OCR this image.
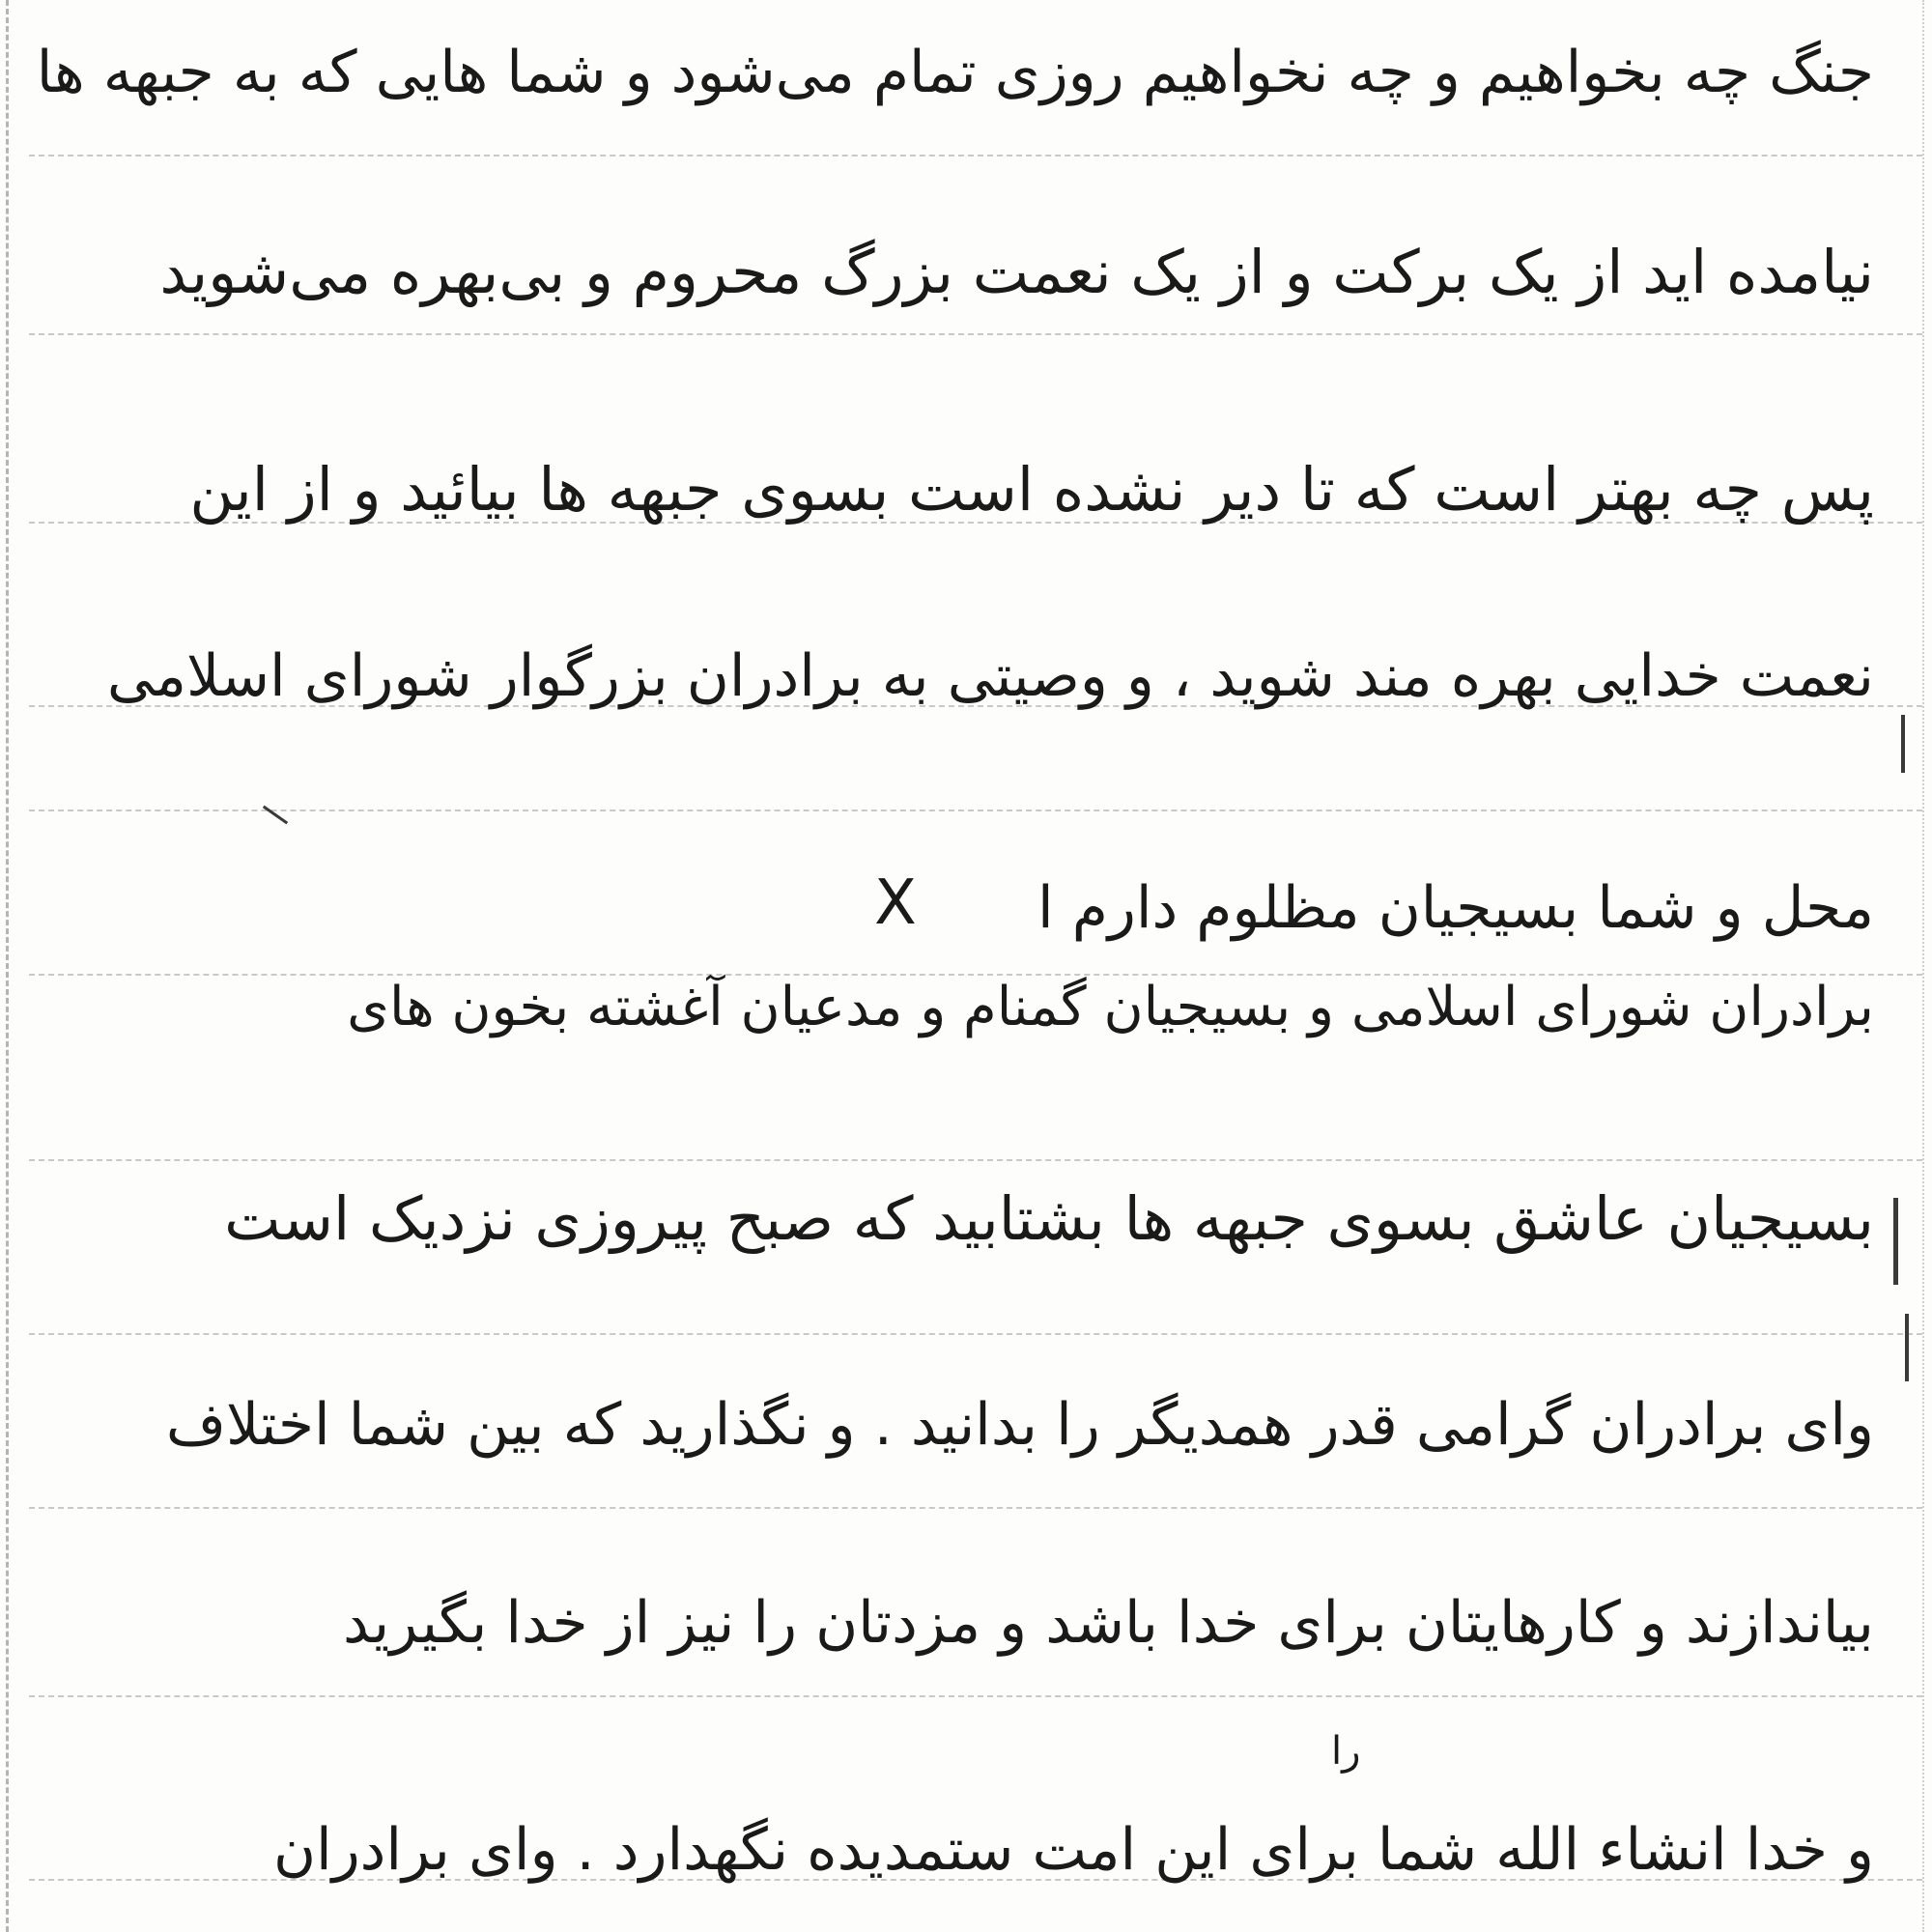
جنگ چه بخواهیم و چه نخواهیم روزی تمام می‌شود و شما هایی که به جبهه ها
نیامده اید از یک برکت و از یک نعمت بزرگ محروم و بی‌بهره می‌شوید
پس چه بهتر است که تا دیر نشده است بسوی جبهه ها بیائید و از این
نعمت خدایی بهره مند شوید ، و وصیتی به برادران بزرگوار شورای اسلامی
محل و شما بسیجیان مظلوم دارم ا
برادران شورای اسلامی و بسیجیان گمنام و مدعیان آغشته بخون های
بسیجیان عاشق بسوی جبهه ها بشتابید که صبح پیروزی نزدیک است
وای برادران گرامی قدر همدیگر را بدانید . و نگذارید که بین شما اختلاف
بیاندازند و کارهایتان برای خدا باشد و مزدتان را نیز از خدا بگیرید
و خدا انشاء الله شما برای این امت ستمدیده نگهدارد . وای برادران
X
را
